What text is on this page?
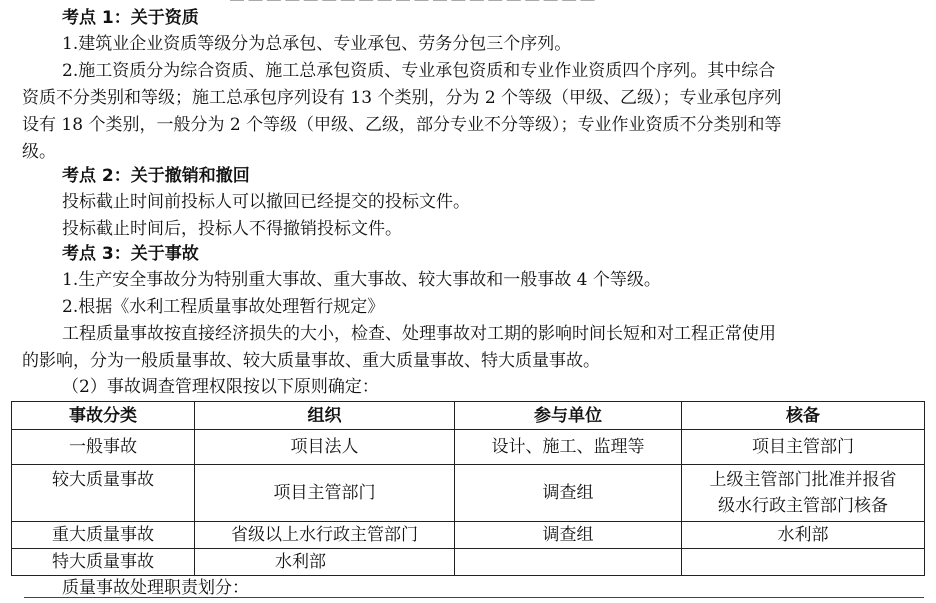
考点 1：关于资质
1.建筑业企业资质等级分为总承包、专业承包、劳务分包三个序列。
2.施工资质分为综合资质、施工总承包资质、专业承包资质和专业作业资质四个序列。其中综合
资质不分类别和等级；施工总承包序列设有 13 个类别，分为 2 个等级（甲级、乙级）；专业承包序列
设有 18 个类别，一般分为 2 个等级（甲级、乙级，部分专业不分等级）；专业作业资质不分类别和等
级。
考点 2：关于撤销和撤回
投标截止时间前投标人可以撤回已经提交的投标文件。
投标截止时间后，投标人不得撤销投标文件。
考点 3：关于事故
1.生产安全事故分为特别重大事故、重大事故、较大事故和一般事故 4 个等级。
2.根据《水利工程质量事故处理暂行规定》
工程质量事故按直接经济损失的大小，检查、处理事故对工期的影响时间长短和对工程正常使用
的影响，分为一般质量事故、较大质量事故、重大质量事故、特大质量事故。
（2）事故调查管理权限按以下原则确定：
事故分类	组织	参与单位	核备
一般事故	项目法人	设计、施工、监理等	项目主管部门
较大质量事故	项目主管部门	调查组	上级主管部门批准并报省
级水行政主管部门核备

重大质量事故	省级以上水行政主管部门	调查组	水利部
特大质量事故	水利部		
质量事故处理职责划分：
